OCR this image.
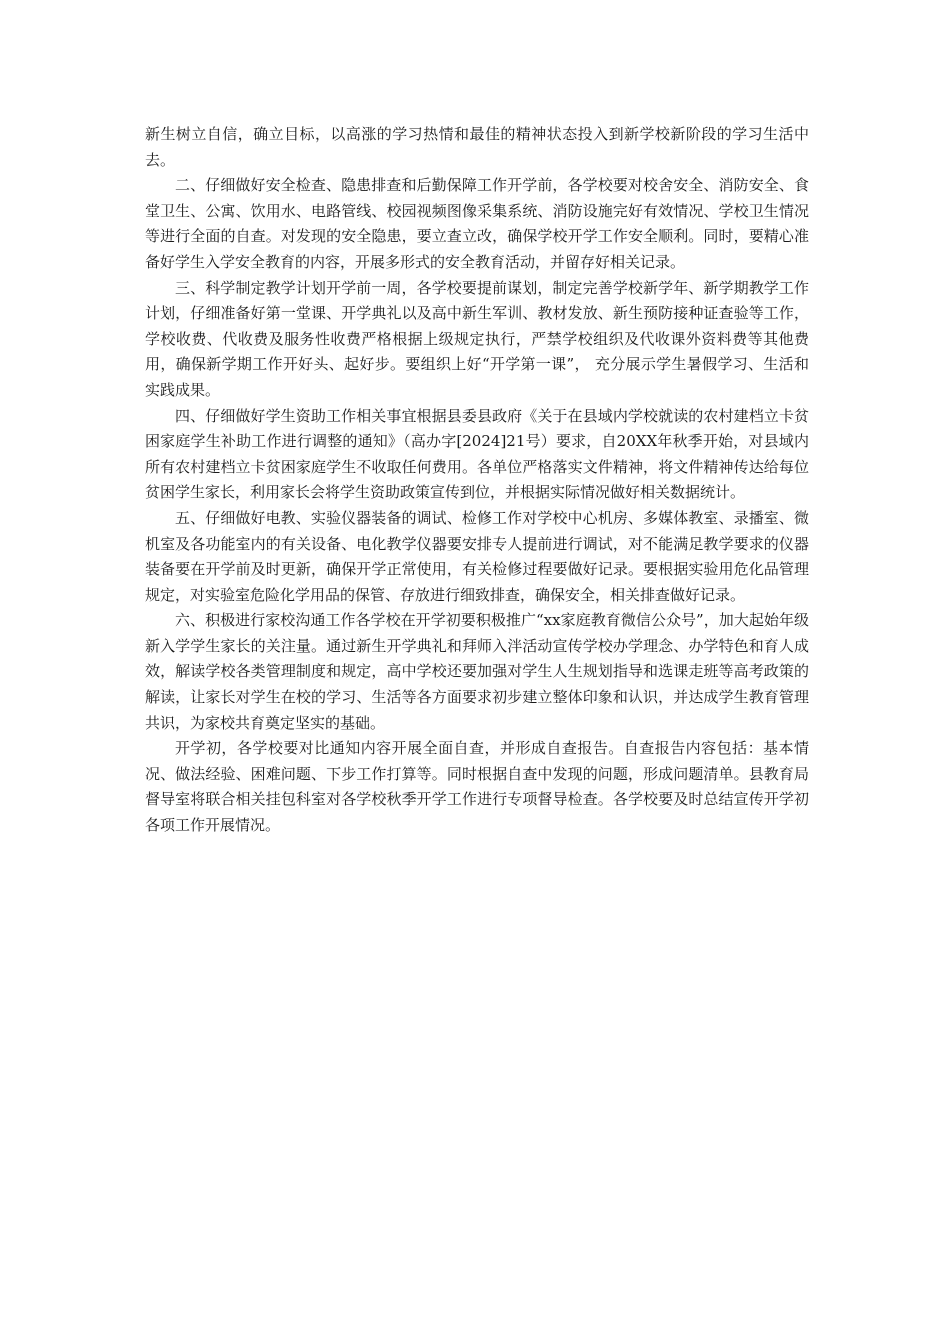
新生树立自信，确立目标，以高涨的学习热情和最佳的精神状态投入到新学校新阶段的学习生活中去。

二、仔细做好安全检查、隐患排查和后勤保障工作开学前，各学校要对校舍安全、消防安全、食堂卫生、公寓、饮用水、电路管线、校园视频图像采集系统、消防设施完好有效情况、学校卫生情况等进行全面的自查。对发现的安全隐患，要立查立改，确保学校开学工作安全顺利。同时，要精心准备好学生入学安全教育的内容，开展多形式的安全教育活动，并留存好相关记录。

三、科学制定教学计划开学前一周，各学校要提前谋划，制定完善学校新学年、新学期教学工作计划，仔细准备好第一堂课、开学典礼以及高中新生军训、教材发放、新生预防接种证查验等工作，学校收费、代收费及服务性收费严格根据上级规定执行，严禁学校组织及代收课外资料费等其他费用，确保新学期工作开好头、起好步。要组织上好“开学第一课”， 充分展示学生暑假学习、生活和实践成果。

四、仔细做好学生资助工作相关事宜根据县委县政府《关于在县域内学校就读的农村建档立卡贫困家庭学生补助工作进行调整的通知》（高办字[2024]21号）要求，自20XX年秋季开始，对县域内所有农村建档立卡贫困家庭学生不收取任何费用。各单位严格落实文件精神，将文件精神传达给每位贫困学生家长，利用家长会将学生资助政策宣传到位，并根据实际情况做好相关数据统计。

五、仔细做好电教、实验仪器装备的调试、检修工作对学校中心机房、多媒体教室、录播室、微机室及各功能室内的有关设备、电化教学仪器要安排专人提前进行调试，对不能满足教学要求的仪器装备要在开学前及时更新，确保开学正常使用，有关检修过程要做好记录。要根据实验用危化品管理规定，对实验室危险化学用品的保管、存放进行细致排查，确保安全，相关排查做好记录。

六、积极进行家校沟通工作各学校在开学初要积极推广“xx家庭教育微信公众号”，加大起始年级新入学学生家长的关注量。通过新生开学典礼和拜师入泮活动宣传学校办学理念、办学特色和育人成效，解读学校各类管理制度和规定，高中学校还要加强对学生人生规划指导和选课走班等高考政策的解读，让家长对学生在校的学习、生活等各方面要求初步建立整体印象和认识，并达成学生教育管理共识，为家校共育奠定坚实的基础。

开学初，各学校要对比通知内容开展全面自查，并形成自查报告。自查报告内容包括：基本情况、做法经验、困难问题、下步工作打算等。同时根据自查中发现的问题，形成问题清单。县教育局督导室将联合相关挂包科室对各学校秋季开学工作进行专项督导检查。各学校要及时总结宣传开学初各项工作开展情况。
